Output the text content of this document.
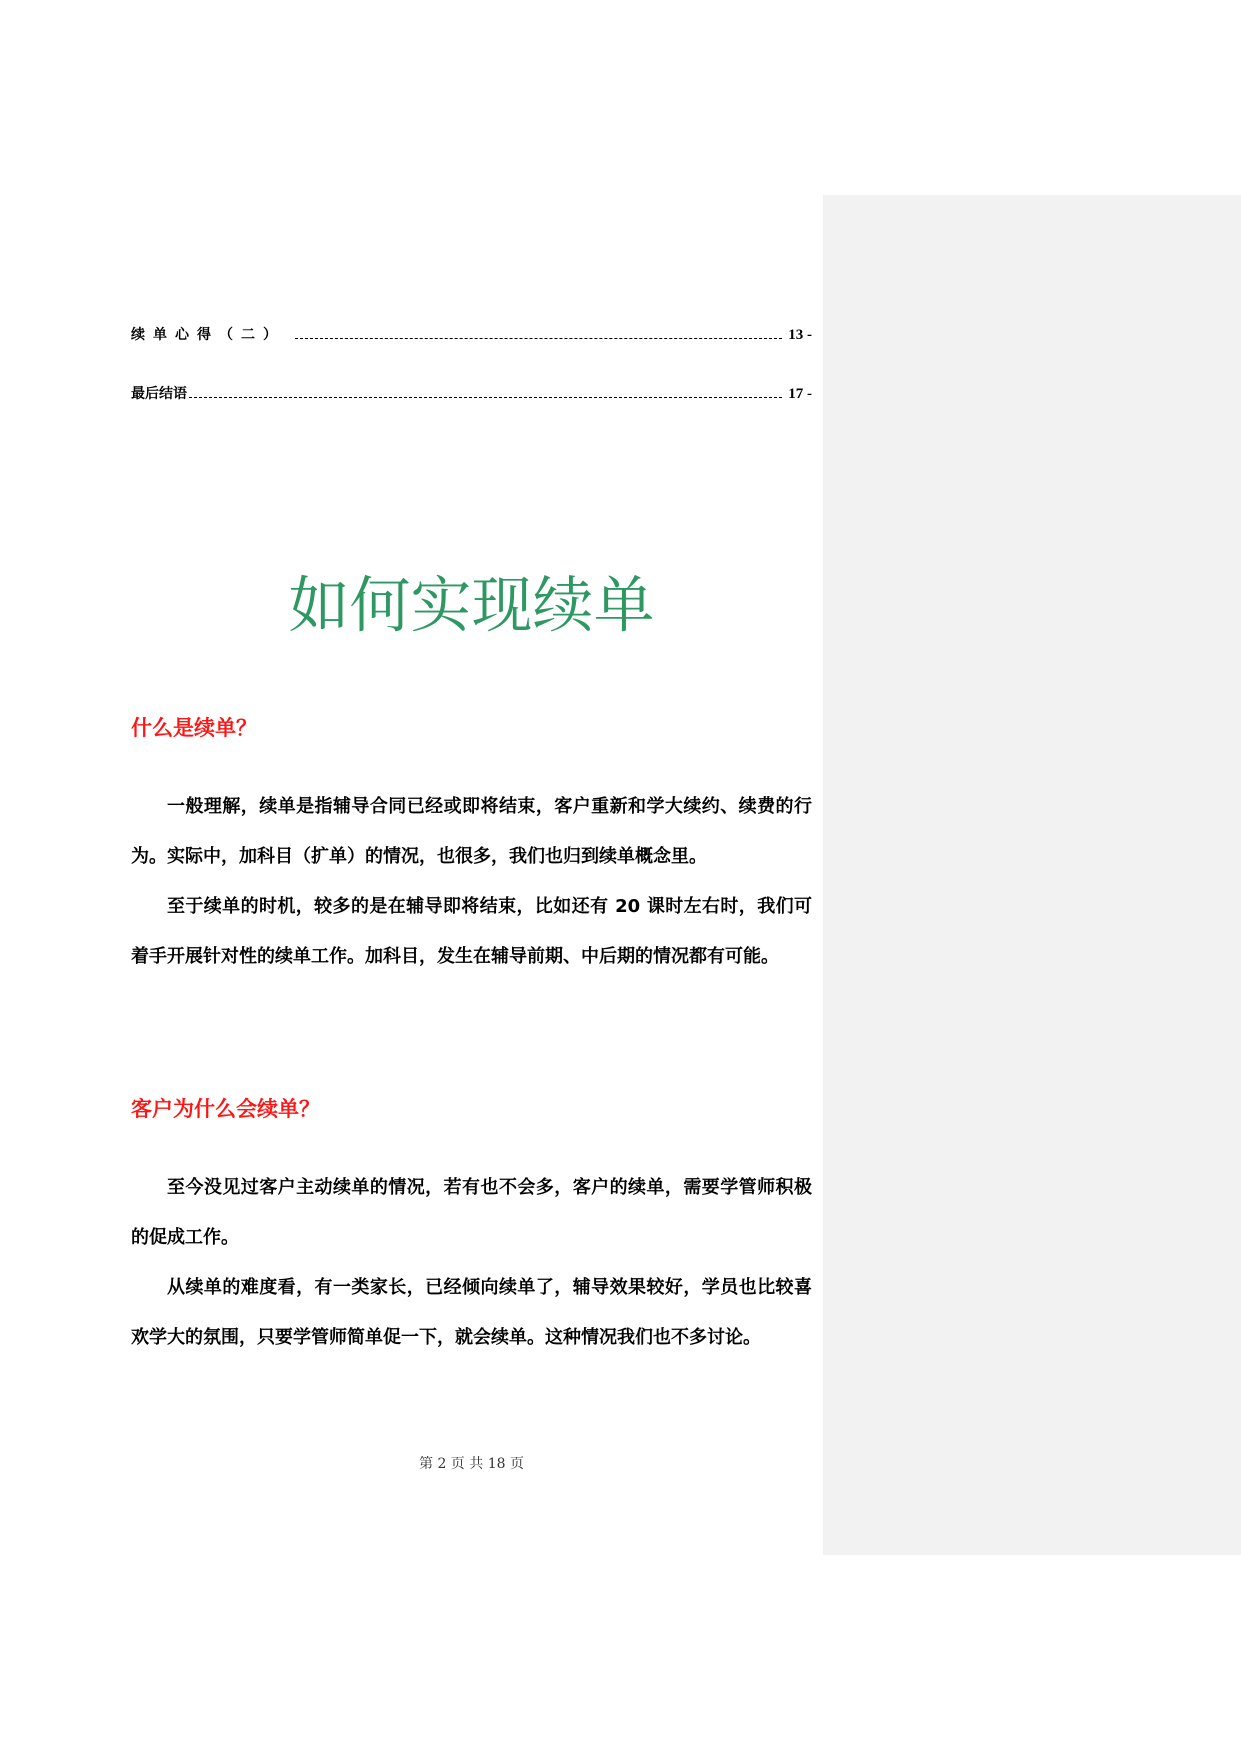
续单心得（二）	13 -
最后结语	17 -
如何实现续单
什么是续单？

一般理解，续单是指辅导合同已经或即将结束，客户重新和学大续约、续费的行为。实际中，加科目（扩单）的情况，也很多，我们也归到续单概念里。

至于续单的时机，较多的是在辅导即将结束，比如还有 20 课时左右时，我们可着手开展针对性的续单工作。加科目，发生在辅导前期、中后期的情况都有可能。

客户为什么会续单？

至今没见过客户主动续单的情况，若有也不会多，客户的续单，需要学管师积极的促成工作。

从续单的难度看，有一类家长，已经倾向续单了，辅导效果较好，学员也比较喜欢学大的氛围，只要学管师简单促一下，就会续单。这种情况我们也不多讨论。

第 2 页 共 18 页
